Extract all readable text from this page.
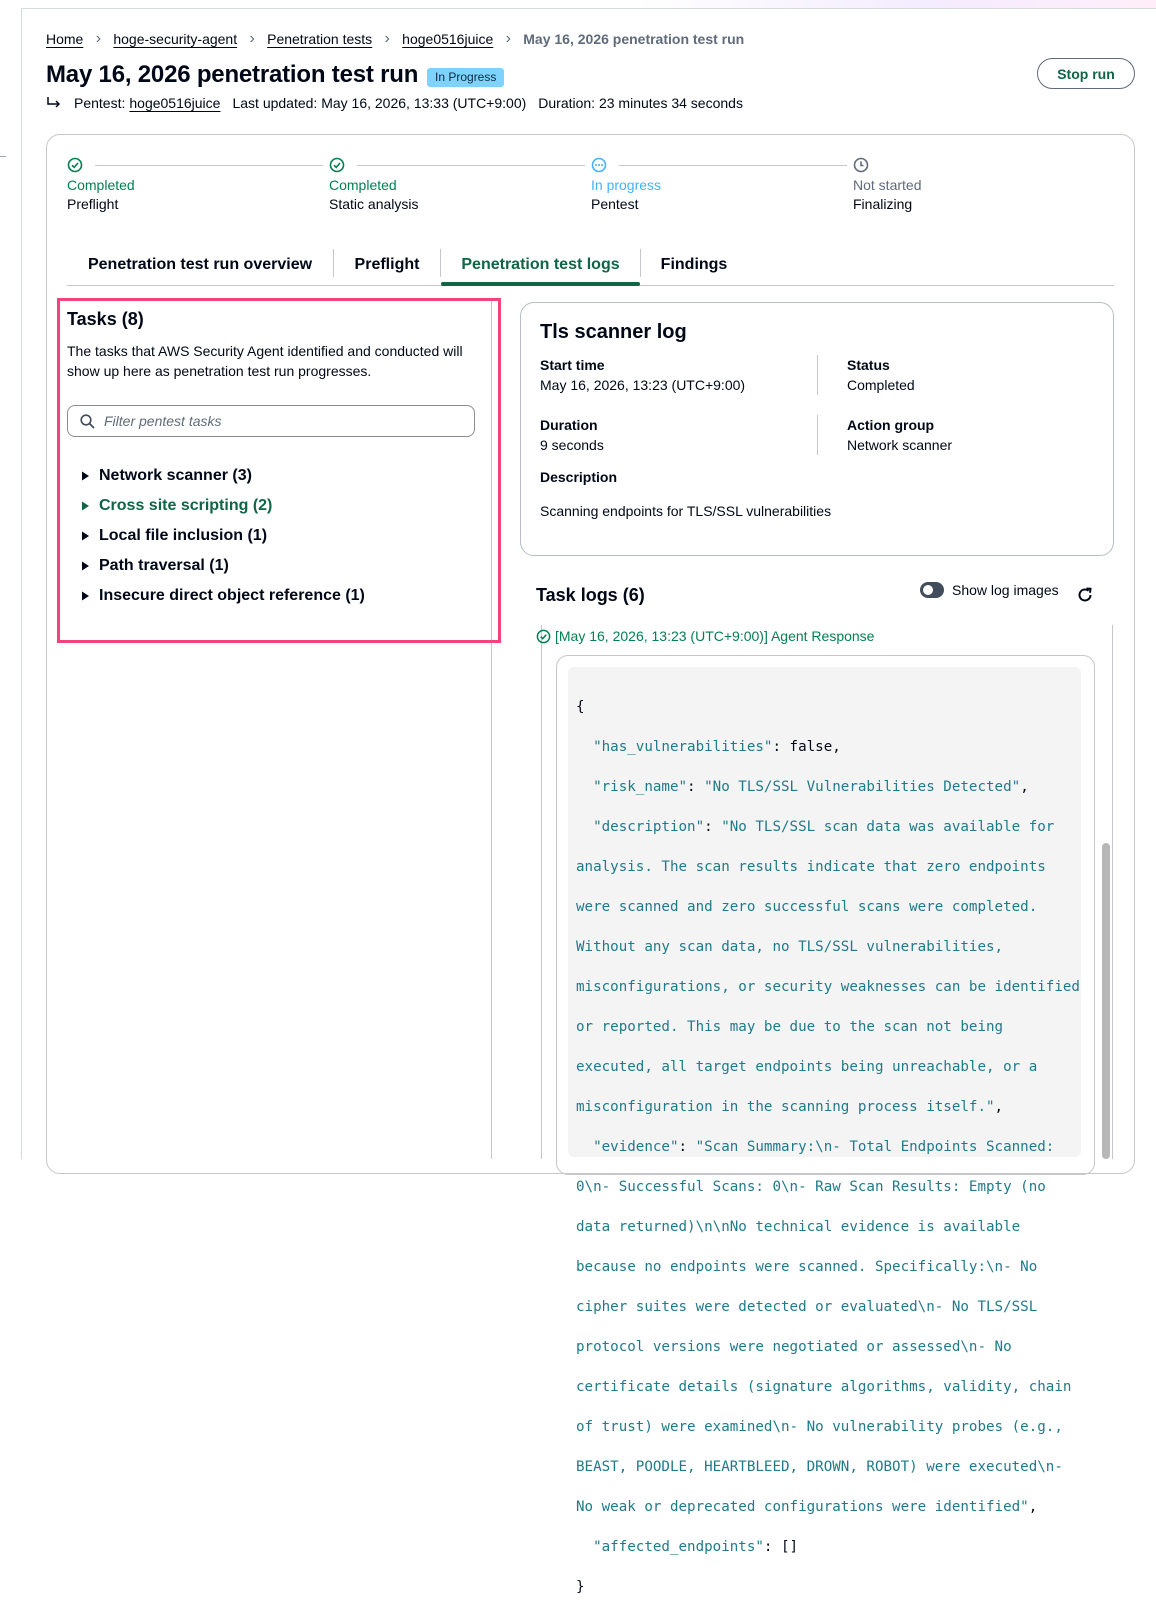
Home › hoge-security-agent › Penetration tests › hoge0516juice › May 16, 2026 penetration test run
May 16, 2026 penetration test run	In Progress	Stop run
Pentest: hoge0516juice Last updated: May 16, 2026, 13:33 (UTC+9:00) Duration: 23 minutes 34 seconds
Completed
Preflight
Completed
Static analysis
In progress
Pentest
Not started
Finalizing
Penetration test run overview	Preflight	Penetration test logs	Findings
Tasks (8)

The tasks that AWS Security Agent identified and conducted will show up here as penetration test run progresses.

Filter pentest tasks
Network scanner (3)
Cross site scripting (2)
Local file inclusion (1)
Path traversal (1)
Insecure direct object reference (1)
Tls scanner log
Start time
May 16, 2026, 13:23 (UTC+9:00)
Status
Completed
Duration
9 seconds
Action group
Network scanner
Description
Scanning endpoints for TLS/SSL vulnerabilities
Task logs (6)	Show log images
[May 16, 2026, 13:23 (UTC+9:00)] Agent Response

{

"has_vulnerabilities": false,

"risk_name": "No TLS/SSL Vulnerabilities Detected",

"description": "No TLS/SSL scan data was available for

analysis. The scan results indicate that zero endpoints

were scanned and zero successful scans were completed.

Without any scan data, no TLS/SSL vulnerabilities,

misconfigurations, or security weaknesses can be identified

or reported. This may be due to the scan not being

executed, all target endpoints being unreachable, or a

misconfiguration in the scanning process itself.",

"evidence": "Scan Summary:\n- Total Endpoints Scanned:

0\n- Successful Scans: 0\n- Raw Scan Results: Empty (no

data returned)\n\nNo technical evidence is available

because no endpoints were scanned. Specifically:\n- No

cipher suites were detected or evaluated\n- No TLS/SSL

protocol versions were negotiated or assessed\n- No

certificate details (signature algorithms, validity, chain

of trust) were examined\n- No vulnerability probes (e.g.,

BEAST, POODLE, HEARTBLEED, DROWN, ROBOT) were executed\n-

No weak or deprecated configurations were identified",

"affected_endpoints": []

}
